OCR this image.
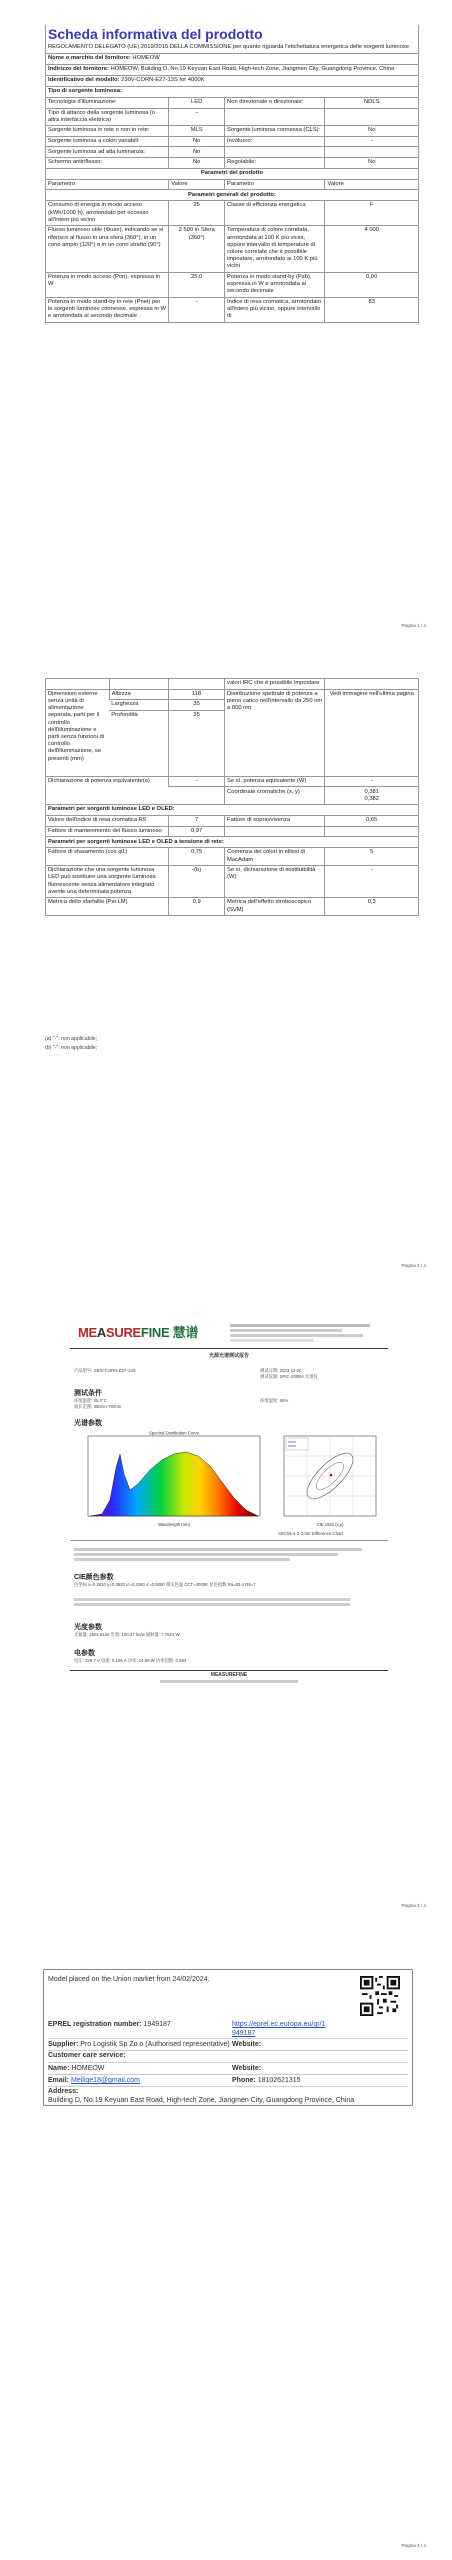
Scheda informativa del prodotto
REGOLAMENTO DELEGATO (UE) 2019/2015 DELLA COMMISSIONE per quanto riguarda l'etichettatura energetica delle sorgenti luminose
Nome o marchio del fornitore: HOMEOW
Indirizzo del fornitore: HOMEOW, Building D, No.19 Keyuan East Road, High-tech Zone, Jiangmen City, Guangdong Province, China
Identificativo del modello: 230V-CORN-E27-13S for 4000K
Tipo di sorgente luminosa:
Tecnologia d'illuminazione:	LED	Non direzionale o direzionale:	NDLS
Tipo di attacco della sorgente luminosa (o altra interfaccia elettrica)	--		
Sorgente luminosa in rete o non in rete:	MLS	Sorgente luminosa connessa (CLS):	No
Sorgente luminosa a colori variabili:	No	Involucro:	-
Sorgente luminosa ad alta luminanza:	No		
Schermo antiriflesso:	No	Regolabile:	No
Parametri del prodotto
Parametro	Valore	Parametro	Valore
Parametri generali del prodotto:
Consumo di energia in modo acceso (kWh/1000 h), arrotondato per eccesso all'intero più vicino	25	Classe di efficienza energetica	F
Flusso luminoso utile (Φuse), indicando se si riferisce al flusso in una sfera (360°), in un cono ampio (120°) o in un cono stretto (90°)	2 500 in Sfera (360°)	Temperatura di colore correlata, arrotondata ai 100 K più vicini, oppure intervallo di temperature di colore correlate che è possibile impostare, arrotondato ai 100 K più vicini	4 000
Potenza in modo acceso (Pon), espressa in W	25,0	Potenza in modo stand-by (Psb), espressa in W e arrotondata al secondo decimale	0,00
Potenza in modo stand-by in rete (Pnet) per le sorgenti luminose connesse, espressa in W e arrotondata al secondo decimale	-	Indice di resa cromatica, arrotondato all'intero più vicino, oppure intervallo di	83
Pagina 1 / 4
			valori IRC che è possibile impostare	
Dimensioni esterne senza unità di alimentazione separata, parti per il controllo dell'illuminazione e parti senza funzioni di controllo dell'illuminazione, se presenti (mm)	Altezza	118	Distribuzione spettrale di potenza a pieno carico nell'intervallo da 250 nm a 800 nm	Vedi immagine nell'ultima pagina
	Larghezza	35		
	Profondità	35		
Dichiarazione di potenza equivalente(a)		-	Se sì, potenza equivalente (W)	-
			Coordinate cromatiche (x, y)	0,381
0,382
Parametri per sorgenti luminose LED e OLED:
Valore dell'indice di resa cromatica R9	7	Fattore di sopravvivenza	0,65
Fattore di mantenimento del flusso luminoso	0,97		
Parametri per sorgenti luminose LED e OLED a tensione di rete:
Fattore di sfasamento (cos φ1)	0,75	Coerenza dei colori in ellissi di MacAdam	5
Dichiarazione che una sorgente luminosa LED può sostituire una sorgente luminosa fluorescente senza alimentatore integrato avente una determinata potenza	-(b)	Se sì, dichiarazione di sostituibilità (W)	-
Metrica dello sfarfallio (Pst LM)	0,9	Metrica dell'effetto stroboscopico (SVM)	0,3
(a) "-": non applicabile;
(b) "-": non applicabile;
Pagina 2 / 4
MEASUREFINE 慧谱
光源光谱测试报告
产品型号: 230V-CORN-E27-13S	测试日期: 2023-12-20
测试仪器: SPIC-200BA 光谱仪
测试条件
环境温度: 25.0°C
波长范围: 380nm-780nm
环境湿度: 65%
光谱参数
Spectral Distribution Curve
Wavelength (nm)	CIE 1931 (x,y)
SDCM=4.3 Color Difference Chart
CIE颜色参数
色坐标 x=0.3810 y=0.3820 u'=0.2260 v'=0.5090 相关色温 CCT=4000K 显色指数 Ra=83.4 R9=7
光度参数
光通量: 2501.61lm 光效: 100.47 lm/w 辐射量: 7.7621 W
电参数
电压: 229.7 V 电流: 0.186 A 功率: 24.90 W 功率因数: 0.584
MEASUREFINE
Pagina 3 / 4
Model placed on the Union market from 24/02/2024.
EPREL registration number: 1949187	https://eprel.ec.europa.eu/qr/1949187
Supplier: Pro Logistik Sp Zo.o (Authorised representative) Website:
Customer care service:
Name: HOMEOW	Website:
Email: Meiliqe18@gmail.com	Phone: 18102621315
Address:
Building D, No.19 Keyuan East Road, High-tech Zone, Jiangmen City, Guangdong Province, China
Pagina 4 / 4
